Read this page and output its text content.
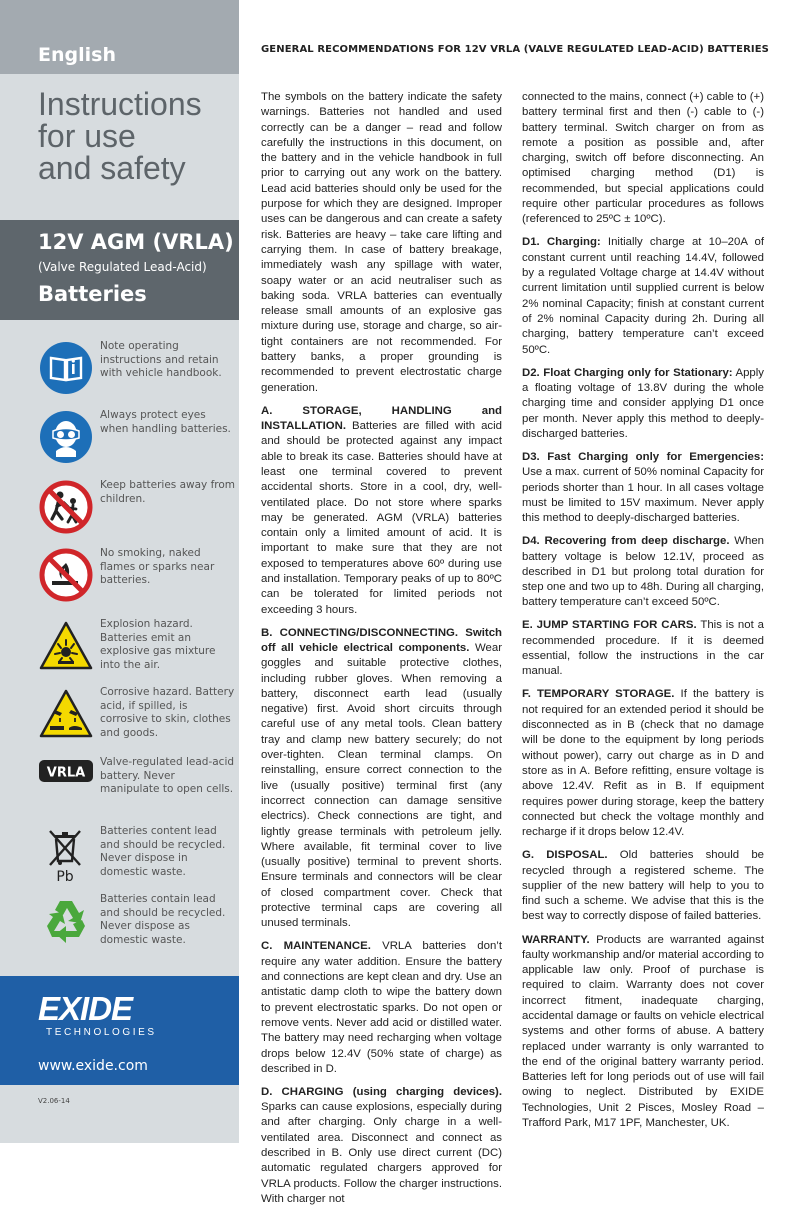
English
Instructions
for use
and safety
12V AGM (VRLA)
(Valve Regulated Lead-Acid)
Batteries
Note operating instructions and retain with vehicle handbook.
Always protect eyes when handling batteries.
Keep batteries away from children.
No smoking, naked flames or sparks near batteries.
Explosion hazard. Batteries emit an explosive gas mixture into the air.
Corrosive hazard. Battery acid, if spilled, is corrosive to skin, clothes and goods.
VRLA
Valve-regulated lead-acid battery. Never manipulate to open cells.
Pb
Batteries content lead and should be recycled. Never dispose in domestic waste.
Batteries contain lead and should be recycled. Never dispose as domestic waste.
EXIDE
TECHNOLOGIES
www.exide.com
V2.06-14
GENERAL RECOMMENDATIONS FOR 12V VRLA (VALVE REGULATED LEAD-ACID) BATTERIES

The symbols on the battery indicate the safety warnings. Batteries not handled and used correctly can be a danger – read and follow carefully the instructions in this document, on the battery and in the vehicle handbook in full prior to carrying out any work on the battery. Lead acid batteries should only be used for the purpose for which they are designed. Improper uses can be dangerous and can create a safety risk. Batteries are heavy – take care lifting and carrying them. In case of battery breakage, immediately wash any spillage with water, soapy water or an acid neutraliser such as baking soda. VRLA batteries can eventually release small amounts of an explosive gas mixture during use, storage and charge, so air-tight containers are not recommended. For battery banks, a proper grounding is recommended to prevent electrostatic charge generation.

A. STORAGE, HANDLING and INSTALLATION. Batteries are filled with acid and should be protected against any impact able to break its case. Batteries should have at least one terminal covered to prevent accidental shorts. Store in a cool, dry, well-ventilated place. Do not store where sparks may be generated. AGM (VRLA) batteries contain only a limited amount of acid. It is important to make sure that they are not exposed to temperatures above 60º during use and installation. Temporary peaks of up to 80ºC can be tolerated for limited periods not exceeding 3 hours.

B. CONNECTING/DISCONNECTING. Switch off all vehicle electrical components. Wear goggles and suitable protective clothes, including rubber gloves. When removing a battery, disconnect earth lead (usually negative) first. Avoid short circuits through careful use of any metal tools. Clean battery tray and clamp new battery securely; do not over-tighten. Clean terminal clamps. On reinstalling, ensure correct connection to the live (usually positive) terminal first (any incorrect connection can damage sensitive electrics). Check connections are tight, and lightly grease terminals with petroleum jelly. Where available, fit terminal cover to live (usually positive) terminal to prevent shorts. Ensure terminals and connectors will be clear of closed compartment cover. Check that protective terminal caps are covering all unused terminals.

C. MAINTENANCE. VRLA batteries don’t require any water addition. Ensure the battery and connections are kept clean and dry. Use an antistatic damp cloth to wipe the battery down to prevent electrostatic sparks. Do not open or remove vents. Never add acid or distilled water. The battery may need recharging when voltage drops below 12.4V (50% state of charge) as described in D.

D. CHARGING (using charging devices). Sparks can cause explosions, especially during and after charging. Only charge in a well-ventilated area. Disconnect and connect as described in B. Only use direct current (DC) automatic regulated chargers approved for VRLA products. Follow the charger instructions. With charger not

connected to the mains, connect (+) cable to (+) battery terminal first and then (-) cable to (-) battery terminal. Switch charger on from as remote a position as possible and, after charging, switch off before disconnecting. An optimised charging method (D1) is recommended, but special applications could require other particular procedures as follows (referenced to 25ºC ± 10ºC).

D1. Charging: Initially charge at 10–20A of constant current until reaching 14.4V, followed by a regulated Voltage charge at 14.4V without current limitation until supplied current is below 2% nominal Capacity; finish at constant current of 2% nominal Capacity during 2h. During all charging, battery temperature can’t exceed 50ºC.

D2. Float Charging only for Stationary: Apply a floating voltage of 13.8V during the whole charging time and consider applying D1 once per month. Never apply this method to deeply-discharged batteries.

D3. Fast Charging only for Emergencies: Use a max. current of 50% nominal Capacity for periods shorter than 1 hour. In all cases voltage must be limited to 15V maximum. Never apply this method to deeply-discharged batteries.

D4. Recovering from deep discharge. When battery voltage is below 12.1V, proceed as described in D1 but prolong total duration for step one and two up to 48h. During all charging, battery temperature can’t exceed 50ºC.

E. JUMP STARTING FOR CARS. This is not a recommended procedure. If it is deemed essential, follow the instructions in the car manual.

F. TEMPORARY STORAGE. If the battery is not required for an extended period it should be disconnected as in B (check that no damage will be done to the equipment by long periods without power), carry out charge as in D and store as in A. Before refitting, ensure voltage is above 12.4V. Refit as in B. If equipment requires power during storage, keep the battery connected but check the voltage monthly and recharge if it drops below 12.4V.

G. DISPOSAL. Old batteries should be recycled through a registered scheme. The supplier of the new battery will help to you to find such a scheme. We advise that this is the best way to correctly dispose of failed batteries.

WARRANTY. Products are warranted against faulty workmanship and/or material according to applicable law only. Proof of purchase is required to claim. Warranty does not cover incorrect fitment, inadequate charging, accidental damage or faults on vehicle electrical systems and other forms of abuse. A battery replaced under warranty is only warranted to the end of the original battery warranty period. Batteries left for long periods out of use will fail owing to neglect. Distributed by EXIDE Technologies, Unit 2 Pisces, Mosley Road – Trafford Park, M17 1PF, Manchester, UK.
